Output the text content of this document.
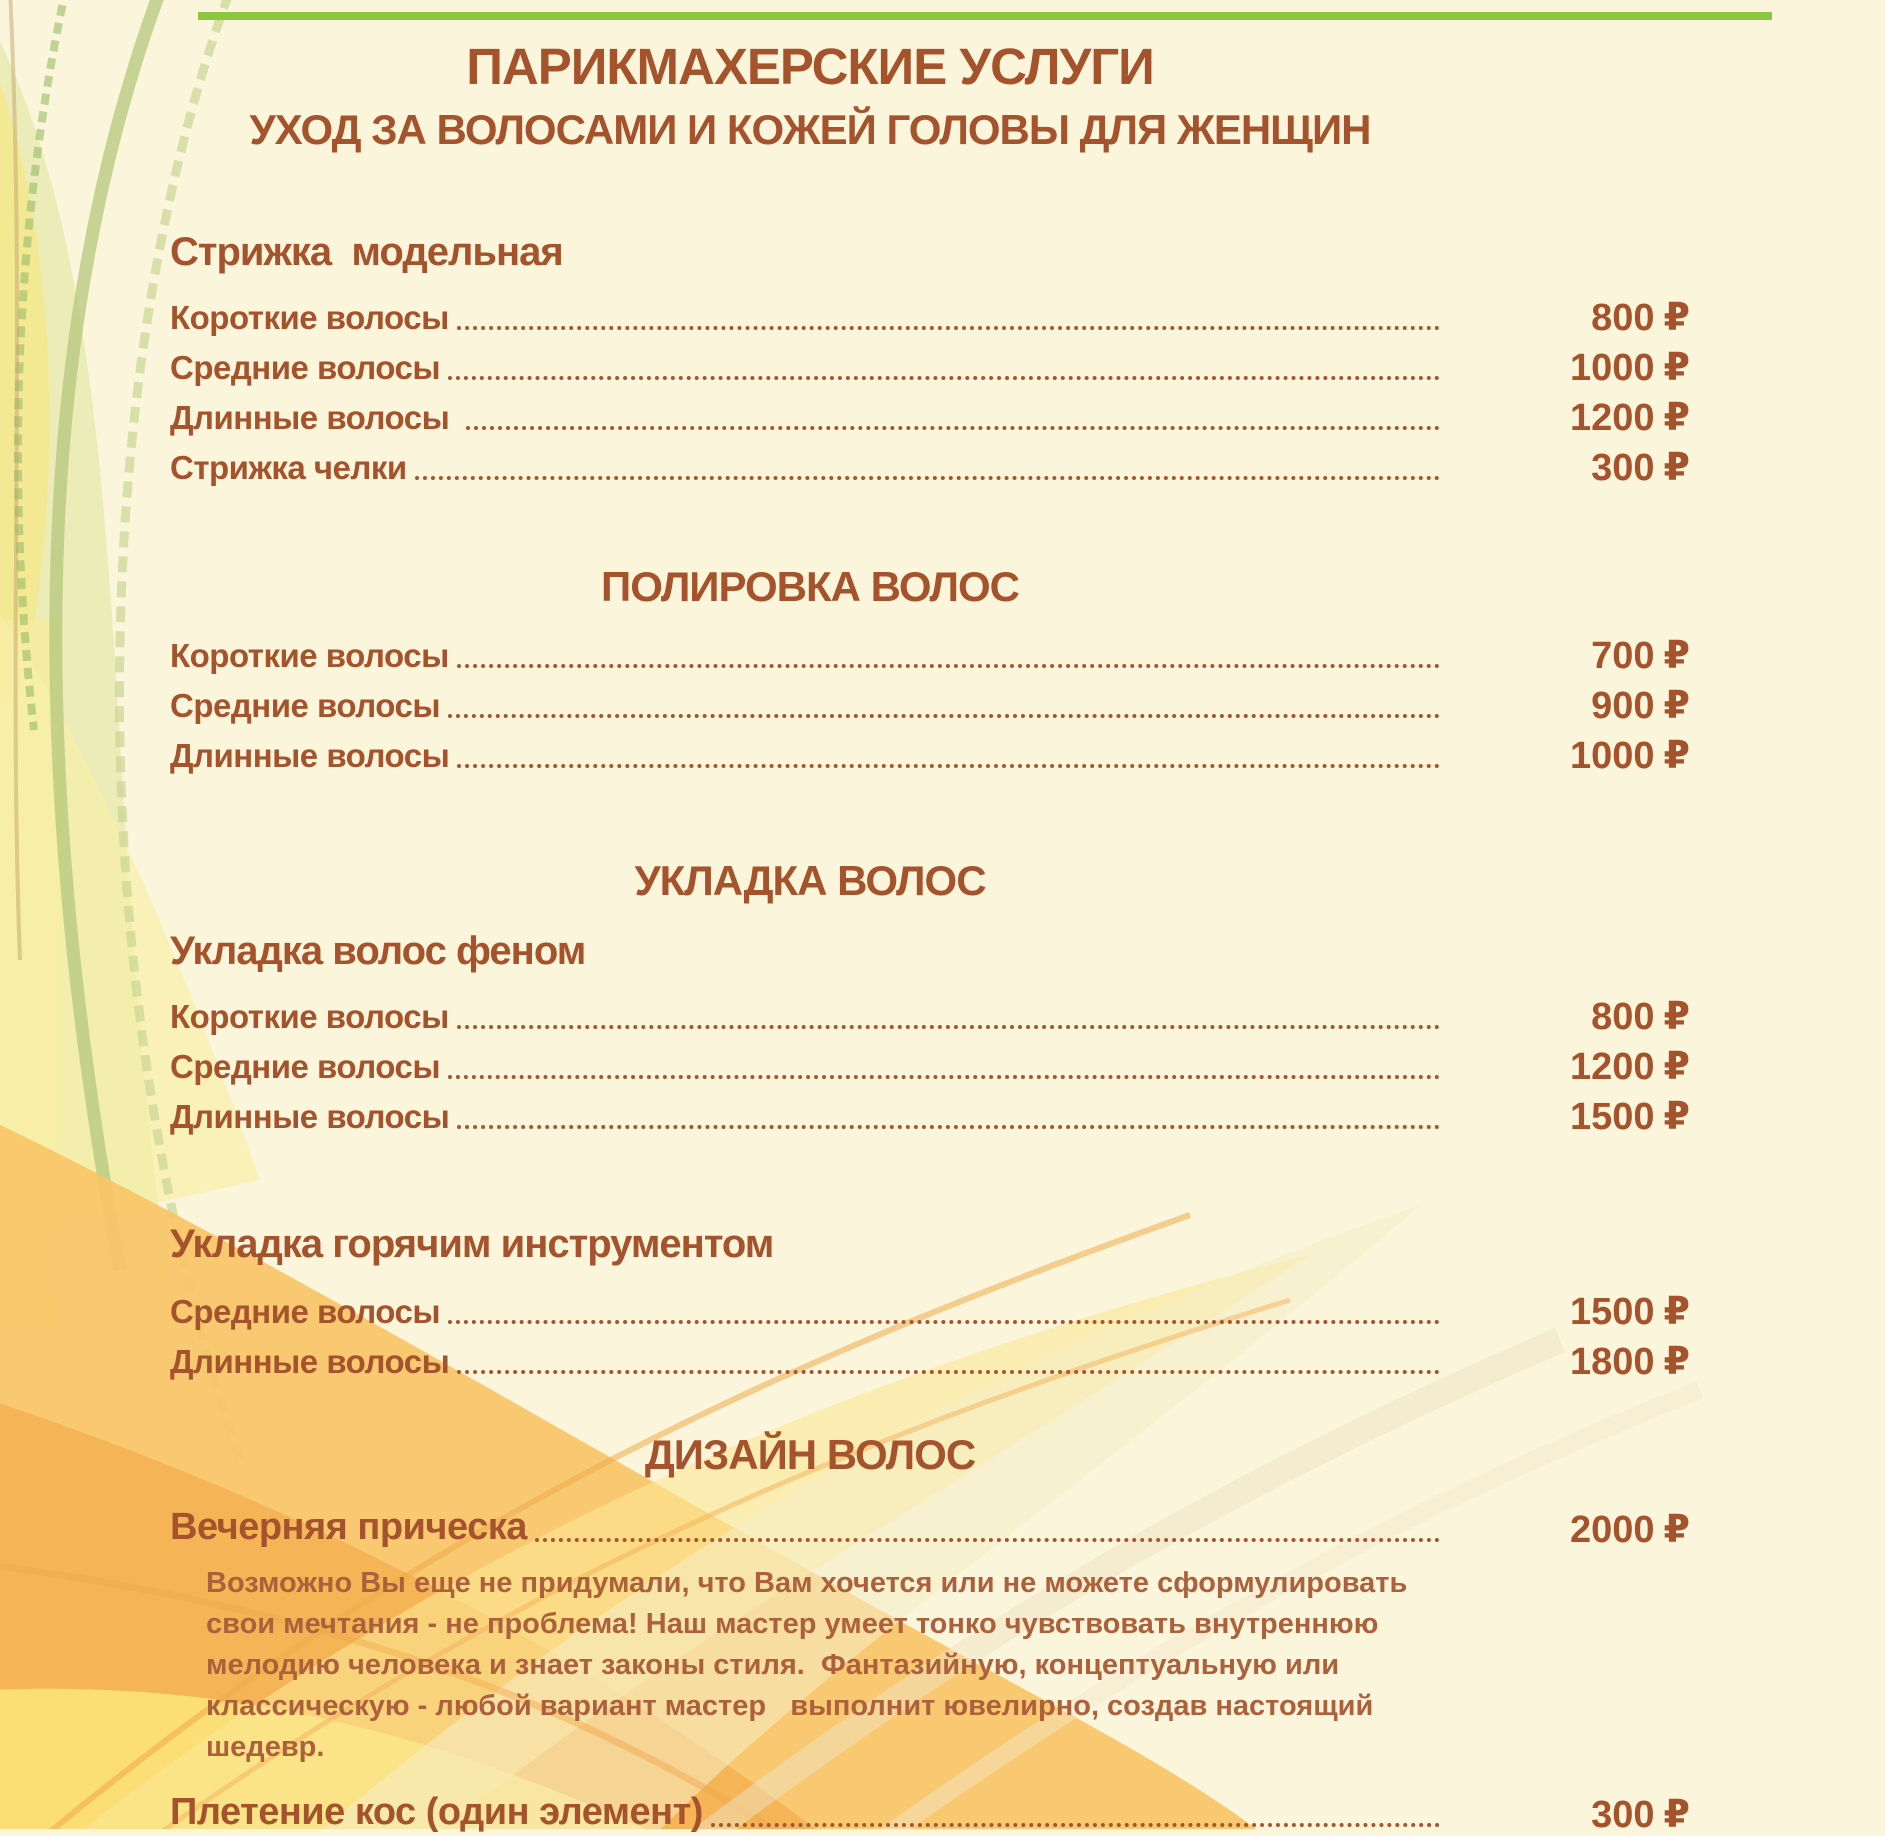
ПАРИКМАХЕРСКИЕ УСЛУГИ
УХОД ЗА ВОЛОСАМИ И КОЖЕЙ ГОЛОВЫ ДЛЯ ЖЕНЩИН
Стрижка  модельная
Короткие волосы	800 ₽
Средние волосы	1000 ₽
Длинные волосы	1200 ₽
Стрижка челки	300 ₽
ПОЛИРОВКА ВОЛОС
Короткие волосы	700 ₽
Средние волосы	900 ₽
Длинные волосы	1000 ₽
УКЛАДКА ВОЛОС
Укладка волос феном
Короткие волосы	800 ₽
Средние волосы	1200 ₽
Длинные волосы	1500 ₽
Укладка горячим инструментом
Средние волосы	1500 ₽
Длинные волосы	1800 ₽
ДИЗАЙН ВОЛОС
Вечерняя прическа	2000 ₽
Возможно Вы еще не придумали, что Вам хочется или не можете сформулировать
свои мечтания - не проблема! Наш мастер умеет тонко чувствовать внутреннюю
мелодию человека и знает законы стиля.  Фантазийную, концептуальную или
классическую - любой вариант мастер   выполнит ювелирно, создав настоящий
шедевр.
Плетение кос (один элемент)	300 ₽
